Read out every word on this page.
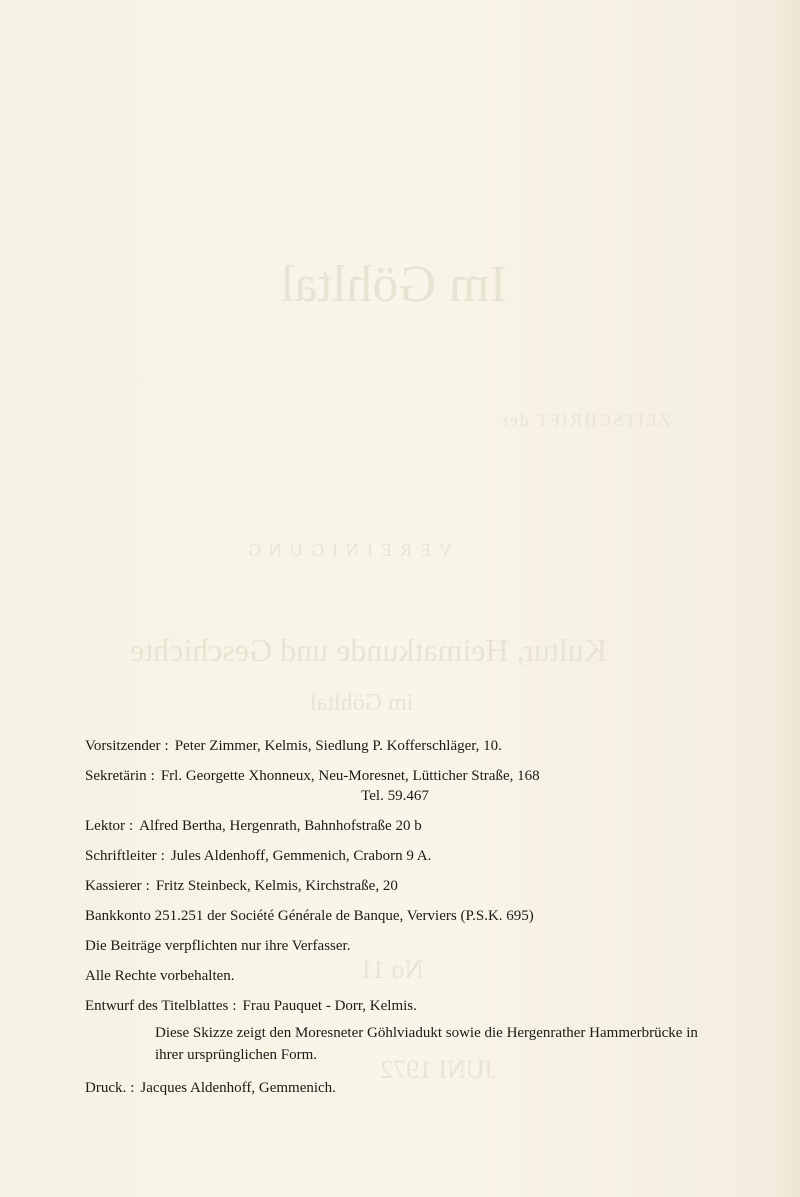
Im Göhltal
ZEITSCHRIFT der
VEREINIGUNG
Kultur, Heimatkunde und Geschichte
im Göhltal
No 11
JUNI 1972
Vorsitzender : Peter Zimmer, Kelmis, Siedlung P. Kofferschläger, 10.
Sekretärin : Frl. Georgette Xhonneux, Neu-Moresnet, Lütticher Straße, 168
Tel. 59.467
Lektor : Alfred Bertha, Hergenrath, Bahnhofstraße 20 b
Schriftleiter : Jules Aldenhoff, Gemmenich, Craborn 9 A.
Kassierer : Fritz Steinbeck, Kelmis, Kirchstraße, 20
Bankkonto 251.251 der Société Générale de Banque, Verviers (P.S.K. 695)
Die Beiträge verpflichten nur ihre Verfasser.
Alle Rechte vorbehalten.
Entwurf des Titelblattes : Frau Pauquet - Dorr, Kelmis.
Diese Skizze zeigt den Moresneter Göhlviadukt sowie die Hergenrather Hammerbrücke in ihrer ursprünglichen Form.
Druck. : Jacques Aldenhoff, Gemmenich.
